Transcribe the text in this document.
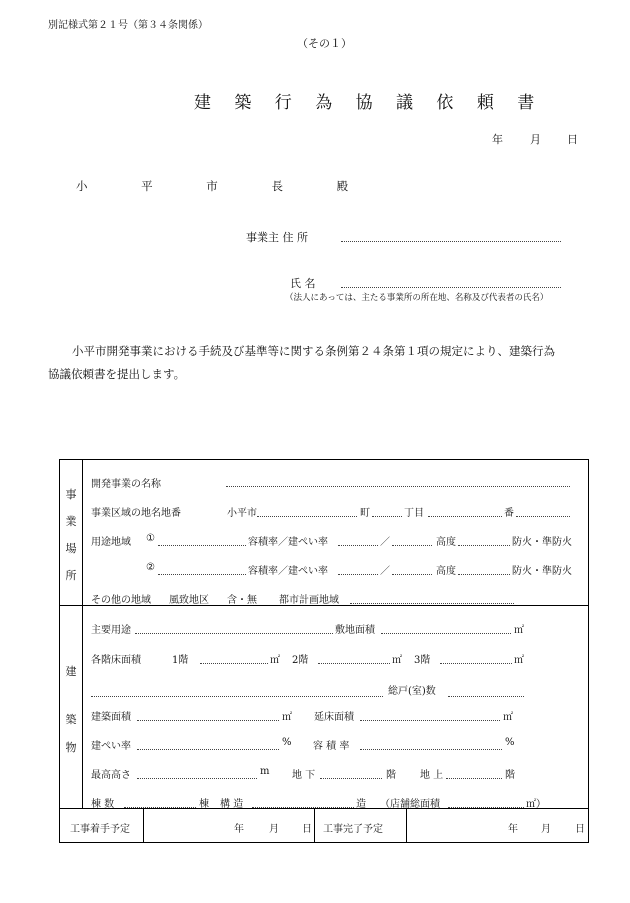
別記様式第２１号（第３４条関係）
（その１）
建 築 行 為 協 議 依 頼 書
年 月 日
小 平 市 長 殿
事業主 住 所
氏 名
（法人にあっては、主たる事業所の所在地、名称及び代表者の氏名）
小平市開発事業における手続及び基準等に関する条例第２４条第１項の規定により、建築行為
協議依頼書を提出します。
事
業
場
所
建
築
物
開発事業の名称
事業区域の地名地番	小平市	町	丁目	番
用途地域 ①	容積率／建ぺい率	／	高度	防火・準防火
②	容積率／建ぺい率	／	高度	防火・準防火
その他の地域 風致地区 含・無 都市計画地域
主要用途	敷地面積	㎡
各階床面積	1階	㎡ 2階	㎡ 3階	㎡
総戸(室)数
建築面積	㎡ 延床面積	㎡
建ぺい率	% 容 積 率	%
最高高さ	m 地 下	階 地 上	階
棟 数	棟 構 造	造 （店舗総面積	㎡）
工事着手予定	年	月 日 工事完了予定	年 月 日
